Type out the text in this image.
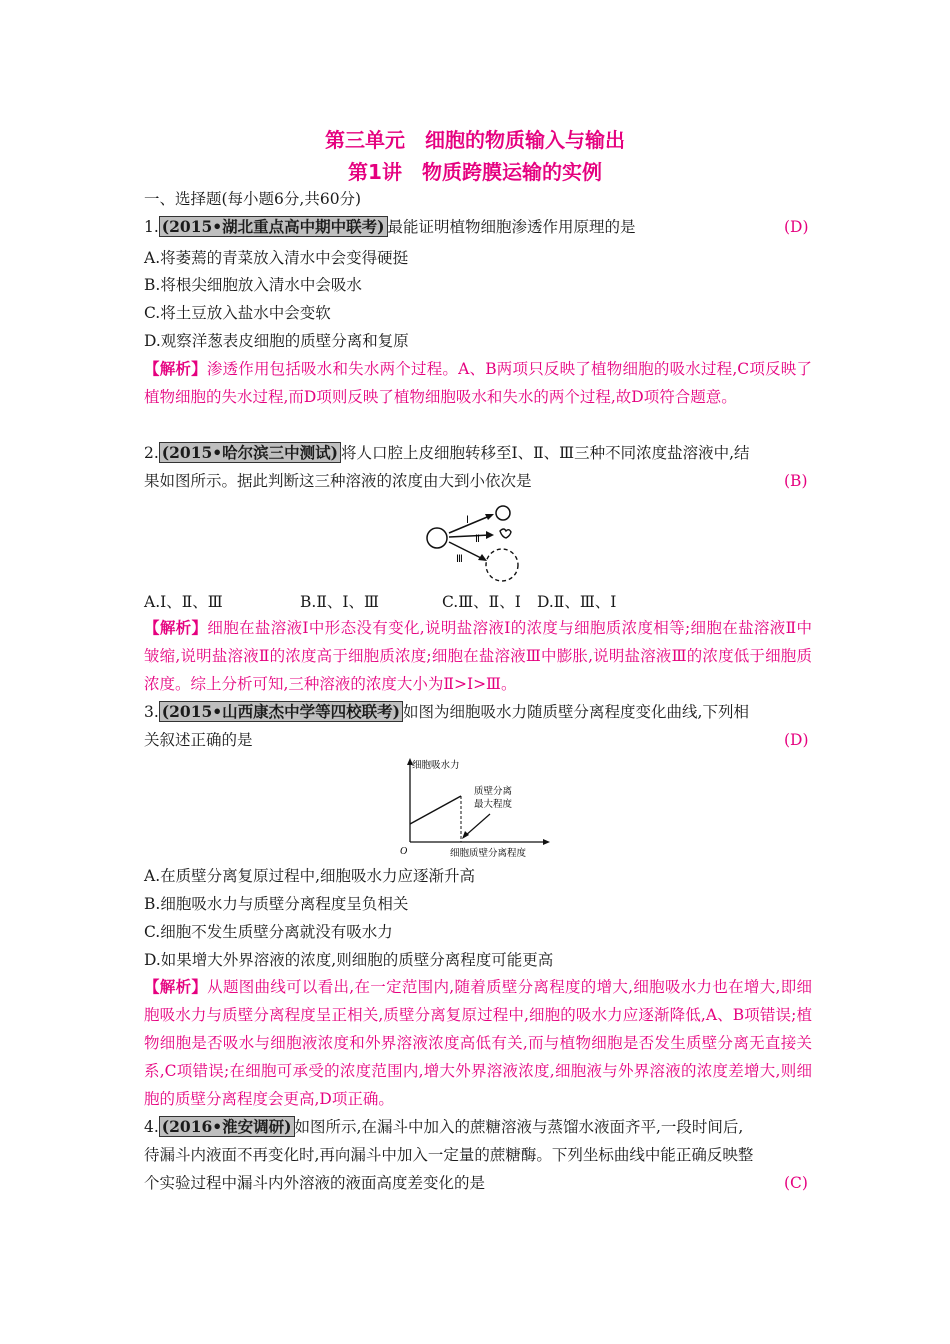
第三单元　细胞的物质输入与输出
第1讲　物质跨膜运输的实例
一、选择题(每小题6分,共60分)
1. (2015•湖北重点高中期中联考) 最能证明植物细胞渗透作用原理的是	(D)
A.将萎蔫的青菜放入清水中会变得硬挺
B.将根尖细胞放入清水中会吸水
C.将土豆放入盐水中会变软
D.观察洋葱表皮细胞的质壁分离和复原
【解析】渗透作用包括吸水和失水两个过程。A、B两项只反映了植物细胞的吸水过程,C项反映了植物细胞的失水过程,而D项则反映了植物细胞吸水和失水的两个过程,故D项符合题意。
2. (2015•哈尔滨三中测试) 将人口腔上皮细胞转移至Ⅰ、Ⅱ、Ⅲ三种不同浓度盐溶液中,结
果如图所示。据此判断这三种溶液的浓度由大到小依次是	(B)
Ⅰ
Ⅱ
Ⅲ
A.Ⅰ、Ⅱ、Ⅲ	B.Ⅱ、Ⅰ、Ⅲ	C.Ⅲ、Ⅱ、Ⅰ D.Ⅱ、Ⅲ、Ⅰ
【解析】细胞在盐溶液Ⅰ中形态没有变化,说明盐溶液Ⅰ的浓度与细胞质浓度相等;细胞在盐溶液Ⅱ中皱缩,说明盐溶液Ⅱ的浓度高于细胞质浓度;细胞在盐溶液Ⅲ中膨胀,说明盐溶液Ⅲ的浓度低于细胞质浓度。综上分析可知,三种溶液的浓度大小为Ⅱ>Ⅰ>Ⅲ。
3. (2015•山西康杰中学等四校联考) 如图为细胞吸水力随质壁分离程度变化曲线,下列相
关叙述正确的是	(D)
细胞吸水力
质壁分离
最大程度
O	细胞质壁分离程度
A.在质壁分离复原过程中,细胞吸水力应逐渐升高
B.细胞吸水力与质壁分离程度呈负相关
C.细胞不发生质壁分离就没有吸水力
D.如果增大外界溶液的浓度,则细胞的质壁分离程度可能更高
【解析】从题图曲线可以看出,在一定范围内,随着质壁分离程度的增大,细胞吸水力也在增大,即细胞吸水力与质壁分离程度呈正相关,质壁分离复原过程中,细胞的吸水力应逐渐降低,A、B项错误;植物细胞是否吸水与细胞液浓度和外界溶液浓度高低有关,而与植物细胞是否发生质壁分离无直接关系,C项错误;在细胞可承受的浓度范围内,增大外界溶液浓度,细胞液与外界溶液的浓度差增大,则细胞的质壁分离程度会更高,D项正确。
4. (2016•淮安调研) 如图所示,在漏斗中加入的蔗糖溶液与蒸馏水液面齐平,一段时间后,
待漏斗内液面不再变化时,再向漏斗中加入一定量的蔗糖酶。下列坐标曲线中能正确反映整
个实验过程中漏斗内外溶液的液面高度差变化的是	(C)
